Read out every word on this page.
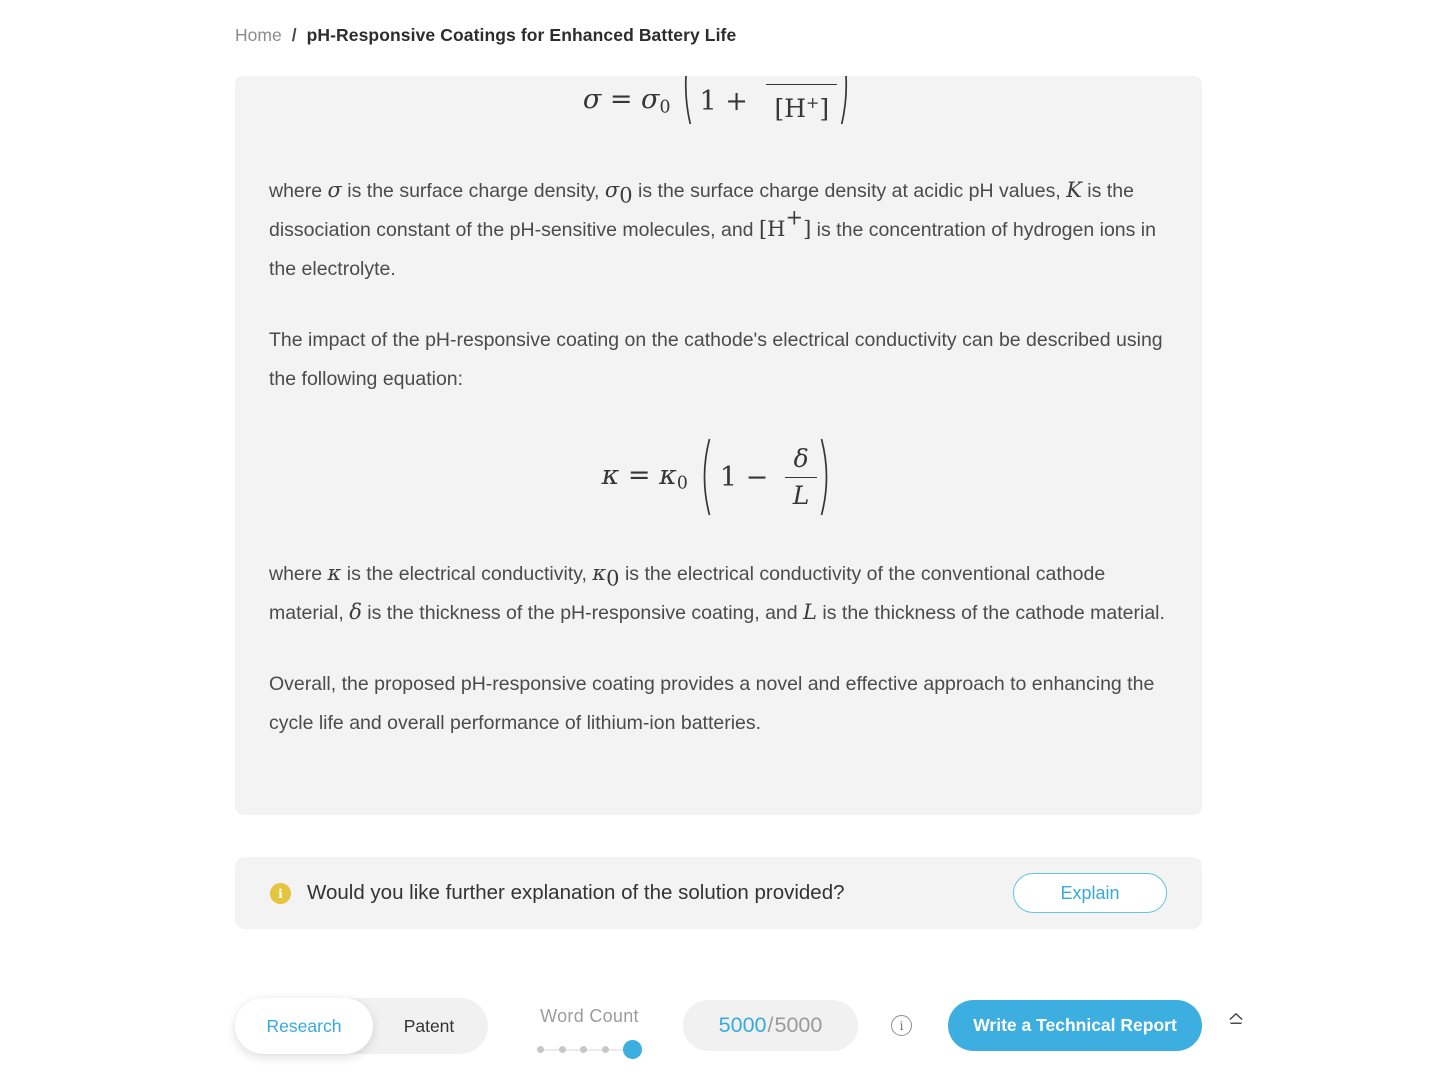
Home / pH-Responsive Coatings for Enhanced Battery Life
σ = σ0 1 + [H+]

where σ is the surface charge density, σ0 is the surface charge density at acidic pH values, K is the dissociation constant of the pH-sensitive molecules, and [H+] is the concentration of hydrogen ions in the electrolyte.

The impact of the pH-responsive coating on the cathode's electrical conductivity can be described using the following equation:

κ = κ0 $1 - \frac{\delta}{L}$

where κ is the electrical conductivity, κ0 is the electrical conductivity of the conventional cathode material, δ is the thickness of the pH-responsive coating, and L is the thickness of the cathode material.

Overall, the proposed pH-responsive coating provides a novel and effective approach to enhancing the cycle life and overall performance of lithium-ion batteries.

i	Would you like further explanation of the solution provided?	Explain
Research	Patent	Word Count	5000 / 5000	i	Write a Technical Report
